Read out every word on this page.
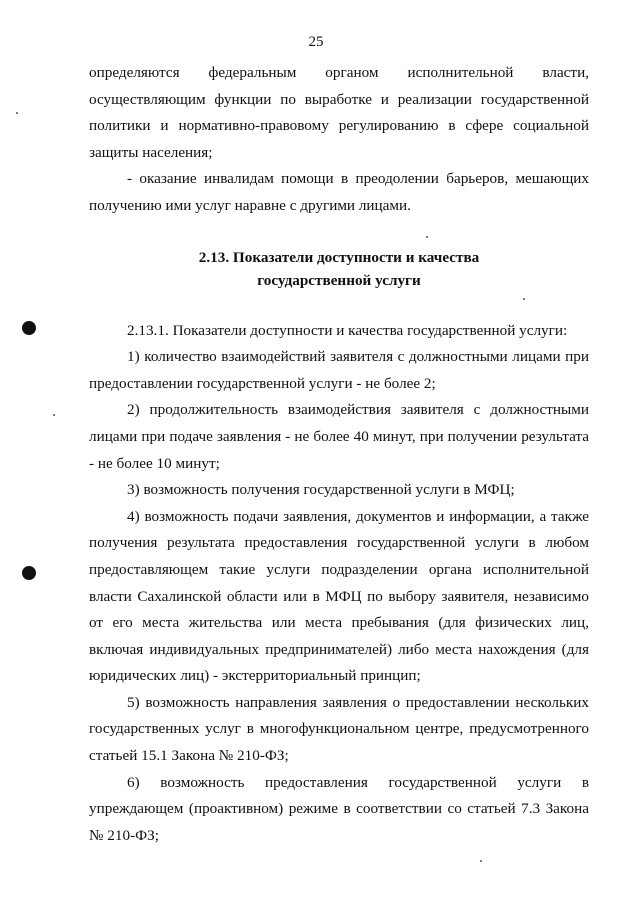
25

определяются федеральным органом исполнительной власти, осуществляющим функции по выработке и реализации государственной политики и нормативно-правовому регулированию в сфере социальной защиты населения;

- оказание инвалидам помощи в преодолении барьеров, мешающих получению ими услуг наравне с другими лицами.

2.13. Показатели доступности и качества
государственной услуги

2.13.1. Показатели доступности и качества государственной услуги:

1) количество взаимодействий заявителя с должностными лицами при предоставлении государственной услуги - не более 2;

2) продолжительность взаимодействия заявителя с должностными лицами при подаче заявления - не более 40 минут, при получении результата - не более 10 минут;

3) возможность получения государственной услуги в МФЦ;

4) возможность подачи заявления, документов и информации, а также получения результата предоставления государственной услуги в любом предоставляющем такие услуги подразделении органа исполнительной власти Сахалинской области или в МФЦ по выбору заявителя, независимо от его места жительства или места пребывания (для физических лиц, включая индивидуальных предпринимателей) либо места нахождения (для юридических лиц) - экстерриториальный принцип;

5) возможность направления заявления о предоставлении нескольких государственных услуг в многофункциональном центре, предусмотренного статьей 15.1 Закона № 210-ФЗ;

6) возможность предоставления государственной услуги в упреждающем (проактивном) режиме в соответствии со статьей 7.3 Закона № 210-ФЗ;
